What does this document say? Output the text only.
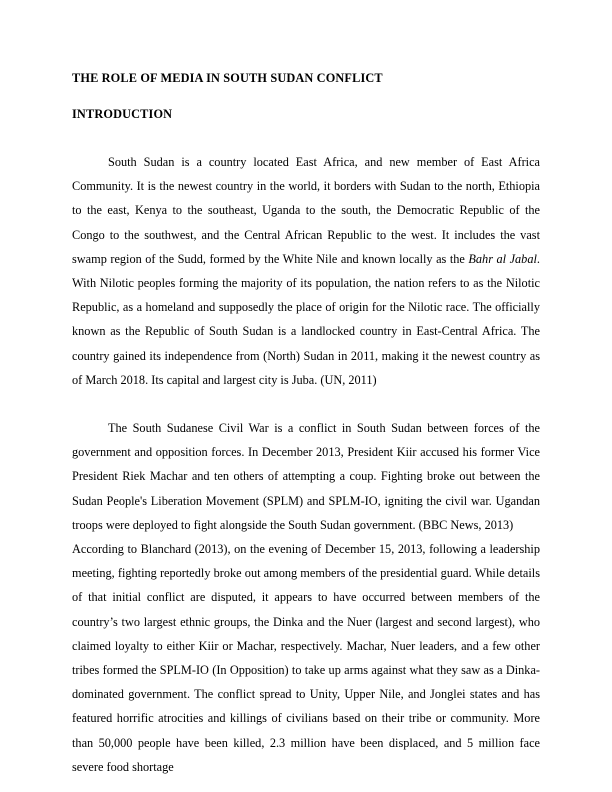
THE ROLE OF MEDIA IN SOUTH SUDAN CONFLICT
INTRODUCTION

South Sudan is a country located East Africa, and new member of East Africa Community. It is the newest country in the world, it borders with Sudan to the north, Ethiopia to the east, Kenya to the southeast, Uganda to the south, the Democratic Republic of the Congo to the southwest, and the Central African Republic to the west. It includes the vast swamp region of the Sudd, formed by the White Nile and known locally as the Bahr al Jabal. With Nilotic peoples forming the majority of its population, the nation refers to as the Nilotic Republic, as a homeland and supposedly the place of origin for the Nilotic race. The officially known as the Republic of South Sudan is a landlocked country in East-Central Africa. The country gained its independence from (North) Sudan in 2011, making it the newest country as of March 2018. Its capital and largest city is Juba. (UN, 2011)

The South Sudanese Civil War is a conflict in South Sudan between forces of the government and opposition forces. In December 2013, President Kiir accused his former Vice President Riek Machar and ten others of attempting a coup. Fighting broke out between the Sudan People's Liberation Movement (SPLM) and SPLM-IO, igniting the civil war. Ugandan troops were deployed to fight alongside the South Sudan government. (BBC News, 2013)

According to Blanchard (2013), on the evening of December 15, 2013, following a leadership meeting, fighting reportedly broke out among members of the presidential guard. While details of that initial conflict are disputed, it appears to have occurred between members of the country’s two largest ethnic groups, the Dinka and the Nuer (largest and second largest), who claimed loyalty to either Kiir or Machar, respectively. Machar, Nuer leaders, and a few other tribes formed the SPLM-IO (In Opposition) to take up arms against what they saw as a Dinka-dominated government. The conflict spread to Unity, Upper Nile, and Jonglei states and has featured horrific atrocities and killings of civilians based on their tribe or community. More than 50,000 people have been killed, 2.3 million have been displaced, and 5 million face severe food shortage
